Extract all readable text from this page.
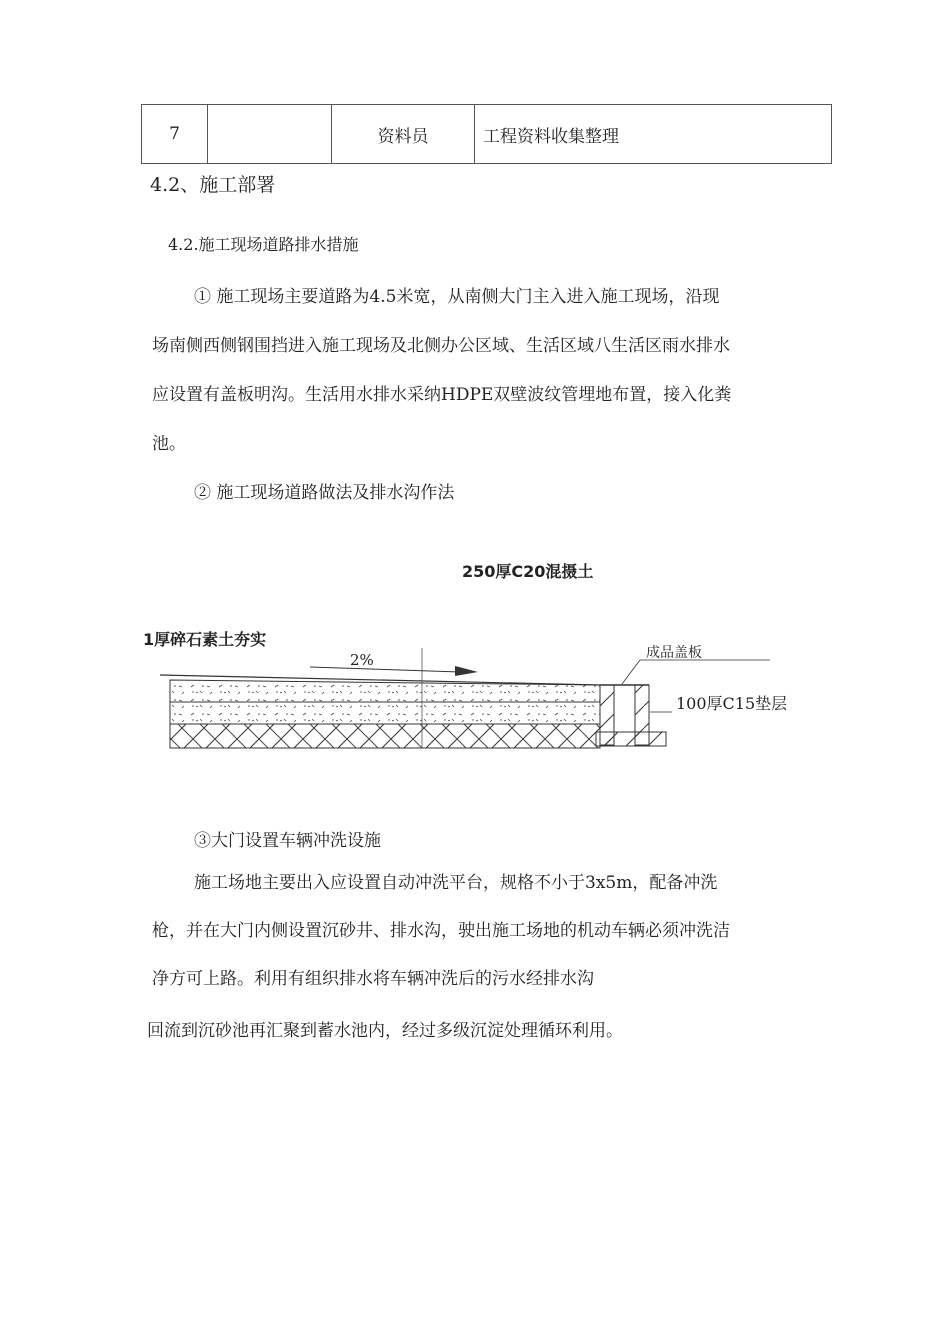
7		资料员	工程资料收集整理
4.2、施工部署
4.2.施工现场道路排水措施
① 施工现场主要道路为4.5米宽，从南侧大门主入进入施工现场，沿现
场南侧西侧钢围挡进入施工现场及北侧办公区域、生活区域八生活区雨水排水
应设置有盖板明沟。生活用水排水采纳HDPE双壁波纹管埋地布置，接入化粪
池。
② 施工现场道路做法及排水沟作法
250厚C20混摄土
1厚碎石素土夯实
2%	成品盖板
100厚C15垫层
③大门设置车辆冲洗设施
施工场地主要出入应设置自动冲洗平台，规格不小于3x5m，配备冲洗
枪，并在大门内侧设置沉砂井、排水沟，驶出施工场地的机动车辆必须冲洗洁
净方可上路。利用有组织排水将车辆冲洗后的污水经排水沟
回流到沉砂池再汇聚到蓄水池内，经过多级沉淀处理循环利用。
